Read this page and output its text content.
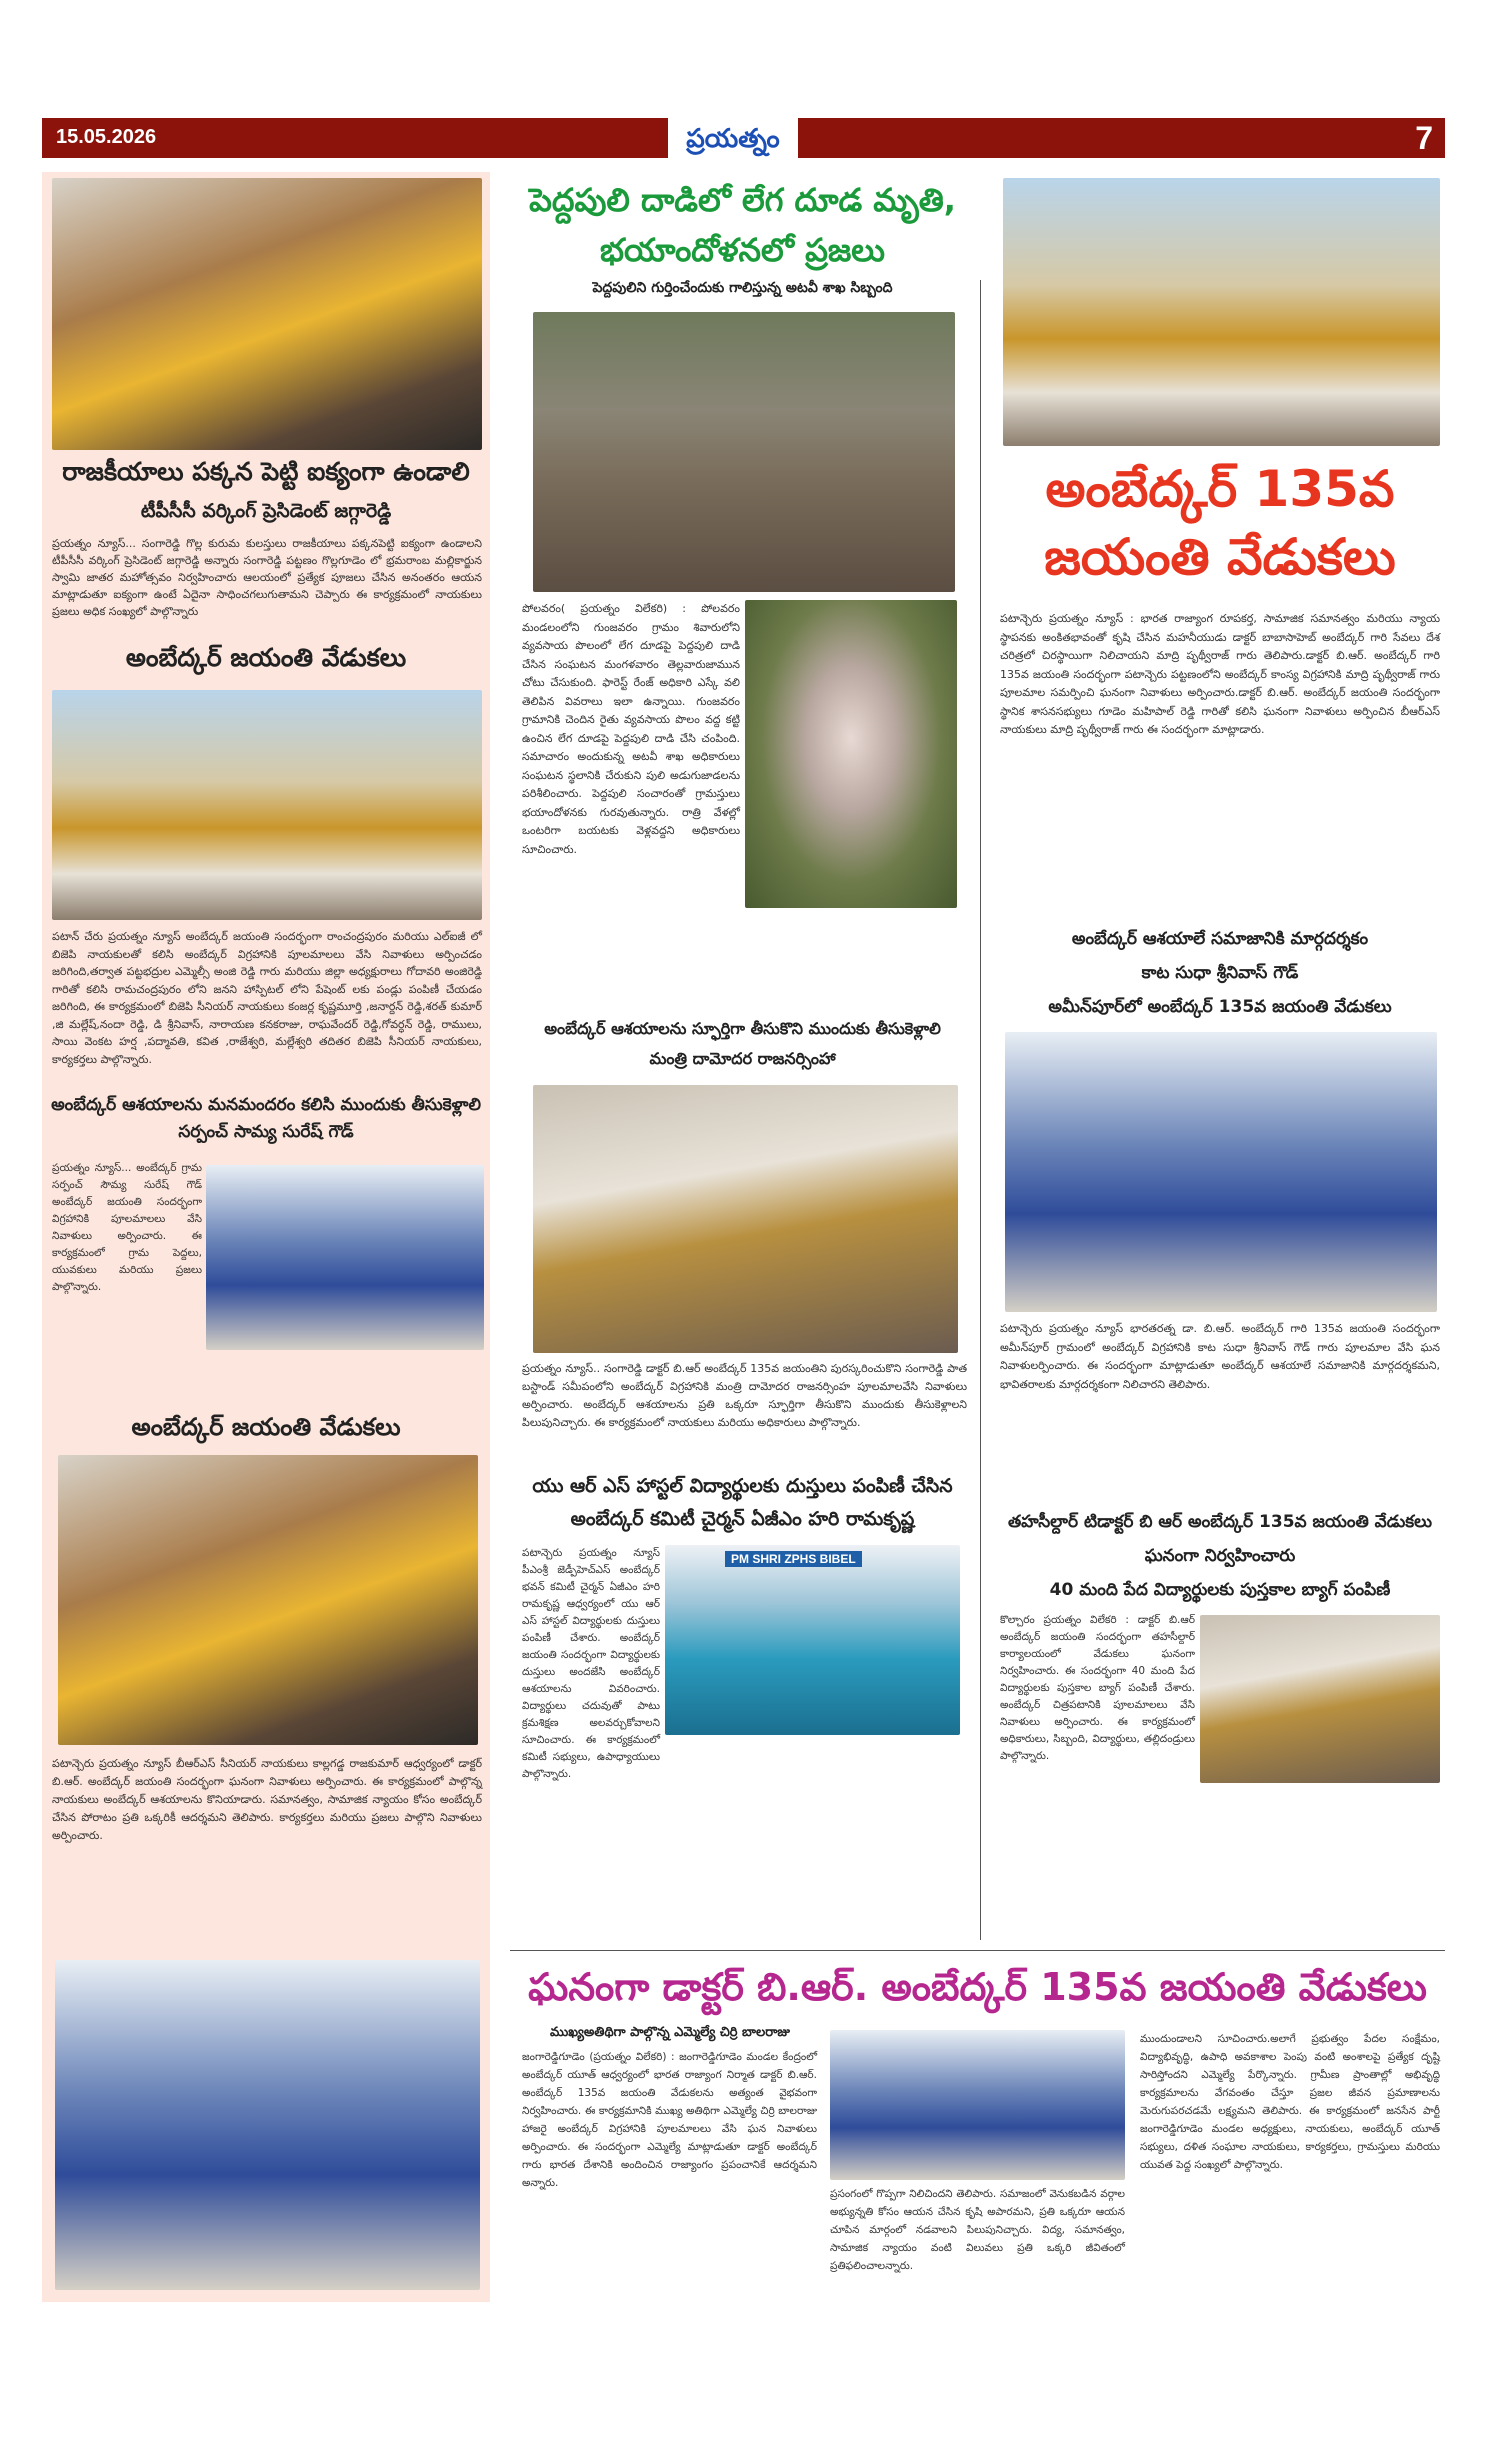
15.05.2026	ప్రయత్నం	7
రాజకీయాలు పక్కన పెట్టి ఐక్యంగా ఉండాలి
టీపీసీసీ వర్కింగ్ ప్రెసిడెంట్ జగ్గారెడ్డి
ప్రయత్నం న్యూస్... సంగారెడ్డి గొల్ల కురుమ కులస్తులు రాజకీయాలు పక్కనపెట్టి ఐక్యంగా ఉండాలని టీపీసీసీ వర్కింగ్ ప్రెసిడెంట్ జగ్గారెడ్డి అన్నారు సంగారెడ్డి పట్టణం గొల్లగూడెం లో భ్రమరాంబ మల్లికార్జున స్వామి జాతర మహోత్సవం నిర్వహించారు ఆలయంలో ప్రత్యేక పూజలు చేసిన అనంతరం ఆయన మాట్లాడుతూ ఐక్యంగా ఉంటే ఏదైనా సాధించగలుగుతామని చెప్పారు ఈ కార్యక్రమంలో నాయకులు ప్రజలు అధిక సంఖ్యలో పాల్గొన్నారు
అంబేద్కర్ జయంతి వేడుకలు
పటాన్ చేరు ప్రయత్నం న్యూస్ అంబేద్కర్ జయంతి సందర్భంగా రాంచంద్రపురం మరియు ఎల్ఐజీ లో బిజెపి నాయకులతో కలిసి అంబేద్కర్ విగ్రహానికి పూలమాలలు వేసి నివాళులు అర్పించడం జరిగింది,తర్వాత పట్టభద్రుల ఎమ్మెల్సీ అంజి రెడ్డి గారు మరియు జిల్లా అధ్యక్షురాలు గోదావరి అంజిరెడ్డి గారితో కలిసి రామచంద్రపురం లోని జనని హాస్పిటల్ లోని పేషెంట్ లకు పండ్లు పంపిణీ చేయడం జరిగింది, ఈ కార్యక్రమంలో బిజెపి సీనియర్ నాయకులు కంజర్ల కృష్ణమూర్తి ,జనార్దన్ రెడ్డి,శరత్ కుమార్ ,జి మల్లేష్,నందా రెడ్డి, డి శ్రీనివాస్, నారాయణ కనకరాజు, రాఘవేందర్ రెడ్డి,గోవర్ధన్ రెడ్డి, రాములు, సాయి వెంకట హర్ష ,పద్మావతి, కవిత ,రాజేశ్వరి, మల్లేశ్వరి తదితర బిజెపి సీనియర్ నాయకులు, కార్యకర్తలు పాల్గొన్నారు.
అంబేద్కర్ ఆశయాలను మనమందరం కలిసి ముందుకు తీసుకెళ్లాలి
సర్పంచ్ సామ్య సురేష్ గౌడ్
ప్రయత్నం న్యూస్... అంబేద్కర్ గ్రామ సర్పంచ్ సౌమ్య సురేష్ గౌడ్ అంబేద్కర్ జయంతి సందర్భంగా విగ్రహానికి పూలమాలలు వేసి నివాళులు అర్పించారు. ఈ కార్యక్రమంలో గ్రామ పెద్దలు, యువకులు మరియు ప్రజలు పాల్గొన్నారు.
అంబేద్కర్ జయంతి వేడుకలు
పటాన్చెరు ప్రయత్నం న్యూస్ బీఆర్ఎస్ సీనియర్ నాయకులు కాల్లగడ్డ రాజకుమార్ ఆధ్వర్యంలో డాక్టర్ బి.ఆర్. అంబేద్కర్ జయంతి సందర్భంగా ఘనంగా నివాళులు అర్పించారు. ఈ కార్యక్రమంలో పాల్గొన్న నాయకులు అంబేద్కర్ ఆశయాలను కొనియాడారు. సమానత్వం, సామాజిక న్యాయం కోసం అంబేద్కర్ చేసిన పోరాటం ప్రతి ఒక్కరికీ ఆదర్శమని తెలిపారు. కార్యకర్తలు మరియు ప్రజలు పాల్గొని నివాళులు అర్పించారు.
పెద్దపులి దాడిలో లేగ దూడ మృతి,
భయాందోళనలో ప్రజలు
పెద్దపులిని గుర్తించేందుకు గాలిస్తున్న అటవీ శాఖ సిబ్బంది
పోలవరం( ప్రయత్నం విలేకరి) : పోలవరం మండలంలోని గుంజవరం గ్రామం శివారులోని వ్యవసాయ పొలంలో లేగ దూడపై పెద్దపులి దాడి చేసిన సంఘటన మంగళవారం తెల్లవారుజామున చోటు చేసుకుంది. ఫారెస్ట్ రేంజ్ అధికారి ఎస్కే వలి తెలిపిన వివరాలు ఇలా ఉన్నాయి. గుంజవరం గ్రామానికి చెందిన రైతు వ్యవసాయ పొలం వద్ద కట్టి ఉంచిన లేగ దూడపై పెద్దపులి దాడి చేసి చంపింది. సమాచారం అందుకున్న అటవీ శాఖ అధికారులు సంఘటన స్థలానికి చేరుకుని పులి అడుగుజాడలను పరిశీలించారు. పెద్దపులి సంచారంతో గ్రామస్తులు భయాందోళనకు గురవుతున్నారు. రాత్రి వేళల్లో ఒంటరిగా బయటకు వెళ్లవద్దని అధికారులు సూచించారు.
అంబేద్కర్ ఆశయాలను స్ఫూర్తిగా తీసుకొని ముందుకు తీసుకెళ్లాలి
మంత్రి దామోదర రాజనర్సింహా
ప్రయత్నం న్యూస్.. సంగారెడ్డి డాక్టర్ బి.ఆర్ అంబేద్కర్ 135వ జయంతిని పురస్కరించుకొని సంగారెడ్డి పాత బస్టాండ్ సమీపంలోని అంబేద్కర్ విగ్రహానికి మంత్రి దామోదర రాజనర్సింహ పూలమాలవేసి నివాళులు అర్పించారు. అంబేద్కర్ ఆశయాలను ప్రతి ఒక్కరూ స్ఫూర్తిగా తీసుకొని ముందుకు తీసుకెళ్లాలని పిలుపునిచ్చారు. ఈ కార్యక్రమంలో నాయకులు మరియు అధికారులు పాల్గొన్నారు.
యు ఆర్ ఎస్ హాస్టల్ విద్యార్థులకు దుస్తులు పంపిణీ చేసిన అంబేద్కర్ కమిటీ చైర్మన్ ఏజీఎం హరి రామకృష్ణ
PM SHRI ZPHS BIBEL
పటాన్చెరు ప్రయత్నం న్యూస్ పీఎంశ్రీ జెడ్పీహెచ్ఎస్ అంబేద్కర్ భవన్ కమిటీ చైర్మన్ ఏజీఎం హరి రామకృష్ణ ఆధ్వర్యంలో యు ఆర్ ఎస్ హాస్టల్ విద్యార్థులకు దుస్తులు పంపిణీ చేశారు. అంబేద్కర్ జయంతి సందర్భంగా విద్యార్థులకు దుస్తులు అందజేసి అంబేద్కర్ ఆశయాలను వివరించారు. విద్యార్థులు చదువుతో పాటు క్రమశిక్షణ అలవర్చుకోవాలని సూచించారు. ఈ కార్యక్రమంలో కమిటీ సభ్యులు, ఉపాధ్యాయులు పాల్గొన్నారు.
అంబేద్కర్ 135వ
జయంతి వేడుకలు
పటాన్చెరు ప్రయత్నం న్యూస్ : భారత రాజ్యాంగ రూపకర్త, సామాజిక సమానత్వం మరియు న్యాయ స్థాపనకు అంకితభావంతో కృషి చేసిన మహనీయుడు డాక్టర్ బాబాసాహెబ్ అంబేద్కర్ గారి సేవలు దేశ చరిత్రలో చిరస్థాయిగా నిలిచాయని మాద్రి పృథ్వీరాజ్ గారు తెలిపారు.డాక్టర్ బి.ఆర్. అంబేద్కర్ గారి 135వ జయంతి సందర్భంగా పటాన్చెరు పట్టణంలోని అంబేద్కర్ కాంస్య విగ్రహానికి మాద్రి పృథ్వీరాజ్ గారు పూలమాల సమర్పించి ఘనంగా నివాళులు అర్పించారు.డాక్టర్ బి.ఆర్. అంబేద్కర్ జయంతి సందర్భంగా స్థానిక శాసనసభ్యులు గూడెం మహిపాల్ రెడ్డి గారితో కలిసి ఘనంగా నివాళులు అర్పించిన బీఆర్ఎస్ నాయకులు మాద్రి పృథ్వీరాజ్ గారు ఈ సందర్భంగా మాట్లాడారు.
అంబేద్కర్ ఆశయాలే సమాజానికి మార్గదర్శకం
కాట సుధా శ్రీనివాస్ గౌడ్
అమీన్‌పూర్‌లో అంబేద్కర్ 135వ జయంతి వేడుకలు
పటాన్చెరు ప్రయత్నం న్యూస్ భారతరత్న డా. బి.ఆర్. అంబేద్కర్ గారి 135వ జయంతి సందర్భంగా అమీన్‌పూర్ గ్రామంలో అంబేద్కర్ విగ్రహానికి కాట సుధా శ్రీనివాస్ గౌడ్ గారు పూలమాల వేసి ఘన నివాళులర్పించారు. ఈ సందర్భంగా మాట్లాడుతూ అంబేద్కర్ ఆశయాలే సమాజానికి మార్గదర్శకమని, భావితరాలకు మార్గదర్శకంగా నిలిచారని తెలిపారు.
తహసీల్దార్ టిడాక్టర్ బి ఆర్ అంబేద్కర్ 135వ జయంతి వేడుకలు
ఘనంగా నిర్వహించారు
40 మంది పేద విద్యార్థులకు పుస్తకాల బ్యాగ్ పంపిణీ
కొల్చారం ప్రయత్నం విలేకరి : డాక్టర్ బి.ఆర్ అంబేద్కర్ జయంతి సందర్భంగా తహసీల్దార్ కార్యాలయంలో వేడుకలు ఘనంగా నిర్వహించారు. ఈ సందర్భంగా 40 మంది పేద విద్యార్థులకు పుస్తకాల బ్యాగ్ పంపిణీ చేశారు. అంబేద్కర్ చిత్రపటానికి పూలమాలలు వేసి నివాళులు అర్పించారు. ఈ కార్యక్రమంలో అధికారులు, సిబ్బంది, విద్యార్థులు, తల్లిదండ్రులు పాల్గొన్నారు.
ఘనంగా డాక్టర్ బి.ఆర్. అంబేద్కర్ 135వ జయంతి వేడుకలు
ముఖ్యఅతిథిగా పాల్గొన్న ఎమ్మెల్యే చిర్రి బాలరాజు
జంగారెడ్డిగూడెం (ప్రయత్నం విలేకరి) : జంగారెడ్డిగూడెం మండల కేంద్రంలో అంబేద్కర్ యూత్ ఆధ్వర్యంలో భారత రాజ్యాంగ నిర్మాత డాక్టర్ బి.ఆర్. అంబేద్కర్ 135వ జయంతి వేడుకలను అత్యంత వైభవంగా నిర్వహించారు. ఈ కార్యక్రమానికి ముఖ్య అతిథిగా ఎమ్మెల్యే చిర్రి బాలరాజు హాజరై అంబేద్కర్ విగ్రహానికి పూలమాలలు వేసి ఘన నివాళులు అర్పించారు. ఈ సందర్భంగా ఎమ్మెల్యే మాట్లాడుతూ డాక్టర్ అంబేద్కర్ గారు భారత దేశానికి అందించిన రాజ్యాంగం ప్రపంచానికే ఆదర్శమని అన్నారు.
ప్రసంగంలో గొప్పగా నిలిచిందని తెలిపారు. సమాజంలో వెనుకబడిన వర్గాల అభ్యున్నతి కోసం ఆయన చేసిన కృషి అపారమని, ప్రతి ఒక్కరూ ఆయన చూపిన మార్గంలో నడవాలని పిలుపునిచ్చారు. విద్య, సమానత్వం, సామాజిక న్యాయం వంటి విలువలు ప్రతి ఒక్కరి జీవితంలో ప్రతిఫలించాలన్నారు.
ముందుండాలని సూచించారు.అలాగే ప్రభుత్వం పేదల సంక్షేమం, విద్యాభివృద్ధి, ఉపాధి అవకాశాల పెంపు వంటి అంశాలపై ప్రత్యేక దృష్టి సారిస్తోందని ఎమ్మెల్యే పేర్కొన్నారు. గ్రామీణ ప్రాంతాల్లో అభివృద్ధి కార్యక్రమాలను వేగవంతం చేస్తూ ప్రజల జీవన ప్రమాణాలను మెరుగుపరచడమే లక్ష్యమని తెలిపారు. ఈ కార్యక్రమంలో జనసేన పార్టీ జంగారెడ్డిగూడెం మండల అధ్యక్షులు, నాయకులు, అంబేద్కర్ యూత్ సభ్యులు, దళిత సంఘాల నాయకులు, కార్యకర్తలు, గ్రామస్తులు మరియు యువత పెద్ద సంఖ్యలో పాల్గొన్నారు.
